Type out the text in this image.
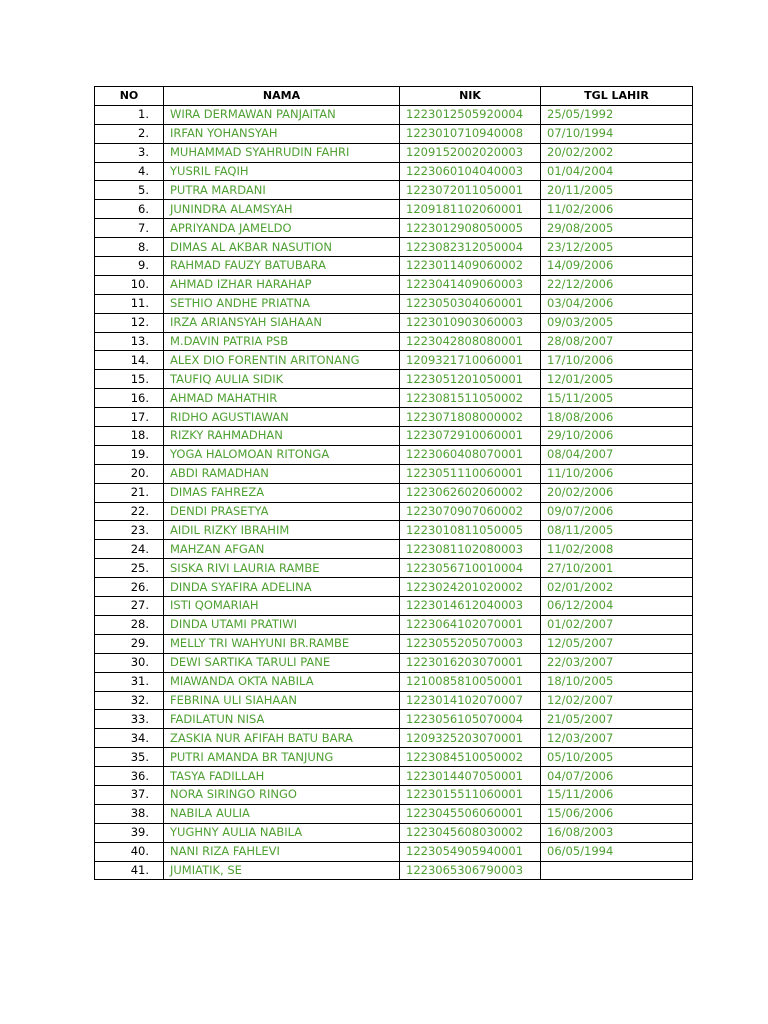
NO	NAMA	NIK	TGL LAHIR
1.	WIRA DERMAWAN PANJAITAN	1223012505920004	25/05/1992
2.	IRFAN YOHANSYAH	1223010710940008	07/10/1994
3.	MUHAMMAD SYAHRUDIN FAHRI	1209152002020003	20/02/2002
4.	YUSRIL FAQIH	1223060104040003	01/04/2004
5.	PUTRA MARDANI	1223072011050001	20/11/2005
6.	JUNINDRA ALAMSYAH	1209181102060001	11/02/2006
7.	APRIYANDA JAMELDO	1223012908050005	29/08/2005
8.	DIMAS AL AKBAR NASUTION	1223082312050004	23/12/2005
9.	RAHMAD FAUZY BATUBARA	1223011409060002	14/09/2006
10.	AHMAD IZHAR HARAHAP	1223041409060003	22/12/2006
11.	SETHIO ANDHE PRIATNA	1223050304060001	03/04/2006
12.	IRZA ARIANSYAH SIAHAAN	1223010903060003	09/03/2005
13.	M.DAVIN PATRIA PSB	1223042808080001	28/08/2007
14.	ALEX DIO FORENTIN ARITONANG	1209321710060001	17/10/2006
15.	TAUFIQ AULIA SIDIK	1223051201050001	12/01/2005
16.	AHMAD MAHATHIR	1223081511050002	15/11/2005
17.	RIDHO AGUSTIAWAN	1223071808000002	18/08/2006
18.	RIZKY RAHMADHAN	1223072910060001	29/10/2006
19.	YOGA HALOMOAN RITONGA	1223060408070001	08/04/2007
20.	ABDI RAMADHAN	1223051110060001	11/10/2006
21.	DIMAS FAHREZA	1223062602060002	20/02/2006
22.	DENDI PRASETYA	1223070907060002	09/07/2006
23.	AIDIL RIZKY IBRAHIM	1223010811050005	08/11/2005
24.	MAHZAN AFGAN	1223081102080003	11/02/2008
25.	SISKA RIVI LAURIA RAMBE	1223056710010004	27/10/2001
26.	DINDA SYAFIRA ADELINA	1223024201020002	02/01/2002
27.	ISTI QOMARIAH	1223014612040003	06/12/2004
28.	DINDA UTAMI PRATIWI	1223064102070001	01/02/2007
29.	MELLY TRI WAHYUNI BR.RAMBE	1223055205070003	12/05/2007
30.	DEWI SARTIKA TARULI PANE	1223016203070001	22/03/2007
31.	MIAWANDA OKTA NABILA	1210085810050001	18/10/2005
32.	FEBRINA ULI SIAHAAN	1223014102070007	12/02/2007
33.	FADILATUN NISA	1223056105070004	21/05/2007
34.	ZASKIA NUR AFIFAH BATU BARA	1209325203070001	12/03/2007
35.	PUTRI AMANDA BR TANJUNG	1223084510050002	05/10/2005
36.	TASYA FADILLAH	1223014407050001	04/07/2006
37.	NORA SIRINGO RINGO	1223015511060001	15/11/2006
38.	NABILA AULIA	1223045506060001	15/06/2006
39.	YUGHNY AULIA NABILA	1223045608030002	16/08/2003
40.	NANI RIZA FAHLEVI	1223054905940001	06/05/1994
41.	JUMIATIK, SE	1223065306790003	
